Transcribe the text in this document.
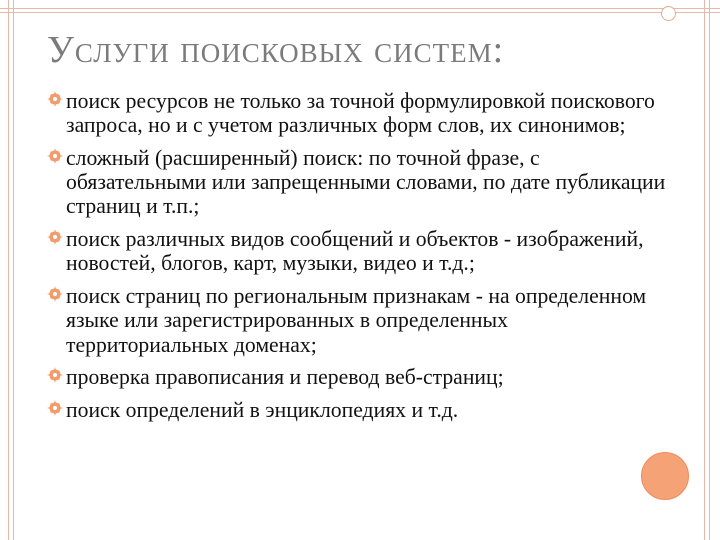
Услуги поисковых систем:
поиск ресурсов не только за точной формулировкой поискового запроса, но и с учетом различных форм слов, их синонимов;
сложный (расширенный) поиск: по точной фразе, с обязательными или запрещенными словами, по дате публикации страниц и т.п.;
поиск различных видов сообщений и объектов - изображений, новостей, блогов, карт, музыки, видео и т.д.;
поиск страниц по региональным признакам - на определенном языке или зарегистрированных в определенных территориальных доменах;
проверка правописания и перевод веб-страниц;
поиск определений в энциклопедиях и т.д.
